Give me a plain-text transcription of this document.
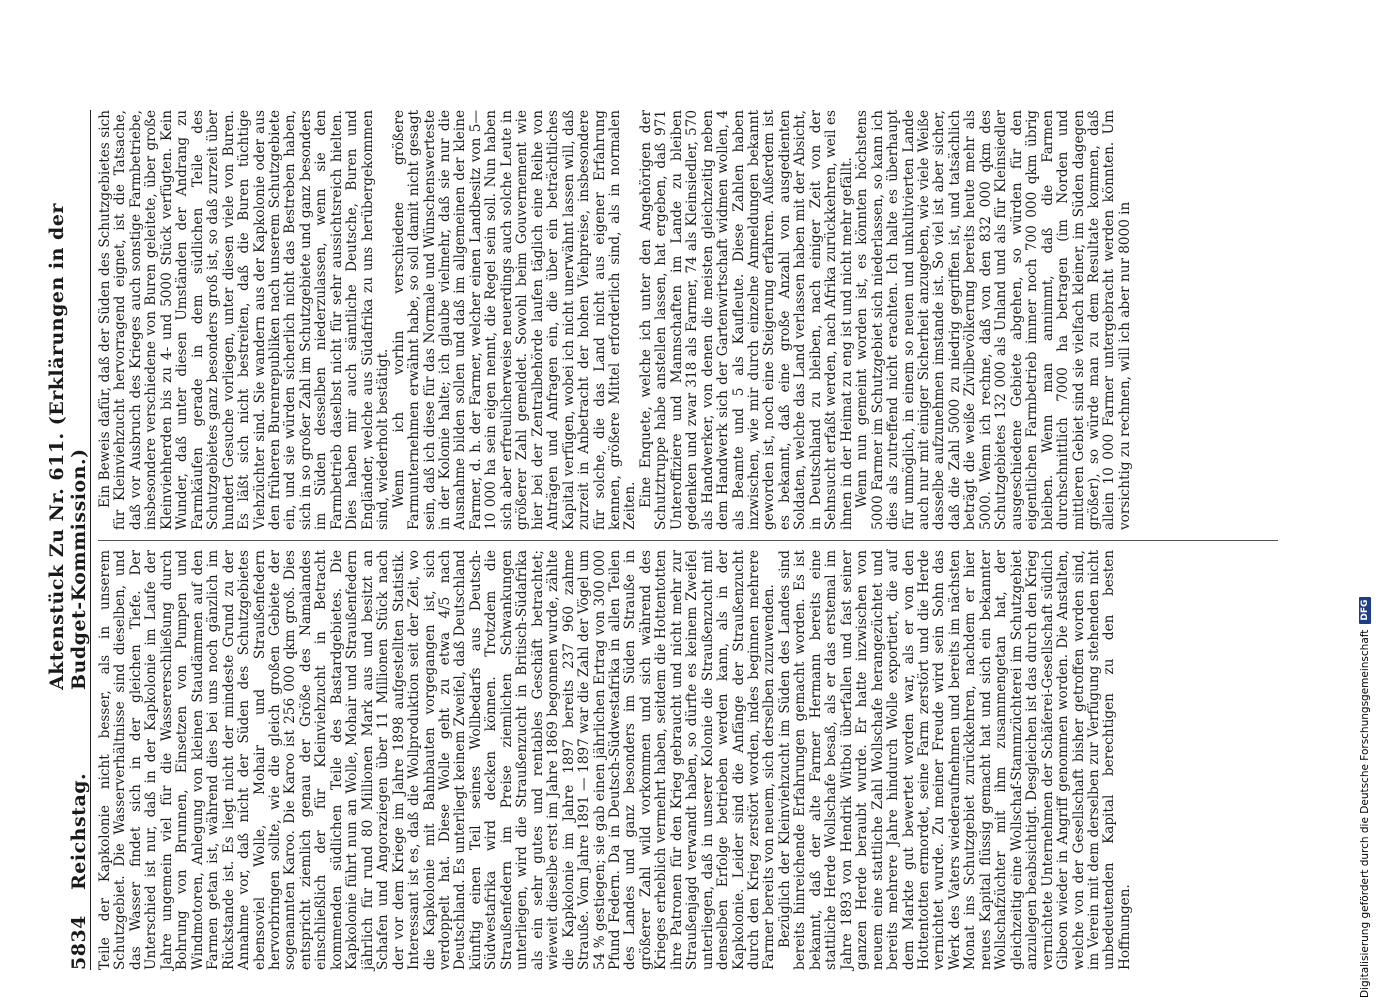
5834
Reichstag.
Aktenstück Zu Nr. 611. (Erklärungen in der Budget-Kommission.) Teile der Kapkolonie nicht besser, als in unserem Schutzgebiet. Die Wasserverhältnisse sind dieselben, und das Wasser findet sich in der gleichen Tiefe. Der Unterschied ist nur, daß in der Kapkolonie im Laufe der Jahre ungemein viel für die Wassererschließung durch Bohrung von Brunnen, Einsetzen von Pumpen und Windmotoren, Anlegung von kleinen Staudämmen auf den Farmen getan ist, während dies bei uns noch gänzlich im Rückstande ist. Es liegt nicht der mindeste Grund zu der Annahme vor, daß nicht der Süden des Schutzgebietes ebensoviel Wolle, Mohair und Straußenfedern hervorbringen sollte, wie die gleich großen Gebiete der sogenannten Karoo. Die Karoo ist 256 000 qkm groß. Dies entspricht ziemlich genau der Größe des Namalandes einschließlich der für Kleinviehzucht in Betracht kommenden südlichen Teile des Bastardgebietes. Die Kapkolonie führt nun an Wolle, Mohair und Straußenfedern jährlich für rund 80 Millionen Mark aus und besitzt an Schafen und Angoraziegen über 11 Millionen Stück nach der vor dem Kriege im Jahre 1898 aufgestellten Statistik. Interessant ist es, daß die Wollproduktion seit der Zeit, wo die Kapkolonie mit Bahnbauten vorgegangen ist, sich verdoppelt hat. Diese Wolle geht zu etwa 4/5 nach Deutschland. Es unterliegt keinem Zweifel, daß Deutschland künftig einen Teil seines Wollbedarfs aus Deutsch-Südwestafrika wird decken können. Trotzdem die Straußenfedern im Preise ziemlichen Schwankungen unterliegen, wird die Straußenzucht in Britisch-Südafrika als ein sehr gutes und rentables Geschäft betrachtet; wieweit dieselbe erst im Jahre 1869 begonnen wurde, zählte die Kapkolonie im Jahre 1897 bereits 237 960 zahme Strauße. Vom Jahre 1891 — 1897 war die Zahl der Vögel um 54 % gestiegen; sie gab einen jährlichen Ertrag von 300 000 Pfund Federn. Da in Deutsch-Südwestafrika in allen Teilen des Landes und ganz besonders im Süden Strauße in größerer Zahl wild vorkommen und sich während des Krieges erheblich vermehrt haben, seitdem die Hottentotten ihre Patronen für den Krieg gebraucht und nicht mehr zur Straußenjagd verwandt haben, so dürfte es keinem Zweifel unterliegen, daß in unserer Kolonie die Straußenzucht mit denselben Erfolge betrieben werden kann, als in der Kapkolonie. Leider sind die Anfänge der Straußenzucht durch den Krieg zerstört worden, indes beginnen mehrere Farmer bereits von neuem, sich derselben zuzuwenden. Bezüglich der Kleinviehzucht im Süden des Landes sind bereits hinreichende Erfahrungen gemacht worden. Es ist bekannt, daß der alte Farmer Hermann bereits eine stattliche Herde Wollschafe besaß, als er das erstemal im Jahre 1893 von Hendrik Witboi überfallen und fast seiner ganzen Herde beraubt wurde. Er hatte inzwischen von neuem eine stattliche Zahl Wollschafe herangezüchtet und bereits mehrere Jahre hindurch Wolle exportiert, die auf dem Markte gut bewertet worden war, als er von den Hottentotten ermordet, seine Farm zerstört und die Herde vernichtet wurde. Zu meiner Freude wird sein Sohn das Werk des Vaters wiederaufnehmen und bereits im nächsten Monat ins Schutzgebiet zurückkehren, nachdem er hier neues Kapital flüssig gemacht hat und sich ein bekannter Wollschafzüchter mit ihm zusammengetan hat, der gleichzeitig eine Wollschaf-Stammzüchterei im Schutzgebiet anzulegen beabsichtigt. Desgleichen ist das durch den Krieg vernichtete Unternehmen der Schäferei-Gesellschaft südlich Gibeon wieder in Angriff genommen worden. Die Anstalten, welche von der Gesellschaft bisher getroffen worden sind, im Verein mit dem derselben zur Verfügung stehenden nicht unbedeutenden Kapital berechtigen zu den besten Hoffnungen.

Ein Beweis dafür, daß der Süden des Schutzgebietes sich für Kleinviehzucht hervorragend eignet, ist die Tatsache, daß vor Ausbruch des Krieges auch sonstige Farmbetriebe, insbesondere verschiedene von Buren geleitete, über große Kleinviehherden bis zu 4- und 5000 Stück verfügten. Kein Wunder, daß unter diesen Umständen der Andrang zu Farmkäufen gerade in dem südlichen Teile des Schutzgebietes ganz besonders groß ist, so daß zurzeit über hundert Gesuche vorliegen, unter diesen viele von Buren. Es läßt sich nicht bestreiten, daß die Buren tüchtige Viehzüchter sind. Sie wandern aus der Kapkolonie oder aus den früheren Burenrepubliken nach unserem Schutzgebiete ein, und sie würden sicherlich nicht das Bestreben haben, sich in so großer Zahl im Schutzgebiete und ganz besonders im Süden desselben niederzulassen, wenn sie den Farmbetrieb daselbst nicht für sehr aussichtsreich hielten. Dies haben mir auch sämtliche Deutsche, Buren und Engländer, welche aus Südafrika zu uns herübergekommen sind, wiederholt bestätigt. Wenn ich vorhin verschiedene größere Farmunternehmen erwähnt habe, so soll damit nicht gesagt sein, daß ich diese für das Normale und Wünschenswerteste in der Kolonie halte; ich glaube vielmehr, daß sie nur die Ausnahme bilden sollen und daß im allgemeinen der kleine Farmer, d. h. der Farmer, welcher einen Landbesitz von 5—10 000 ha sein eigen nennt, die Regel sein soll. Nun haben sich aber erfreulicherweise neuerdings auch solche Leute in größerer Zahl gemeldet. Sowohl beim Gouvernement wie hier bei der Zentralbehörde laufen täglich eine Reihe von Anträgen und Anfragen ein, die über ein beträchtliches Kapital verfügen, wobei ich nicht unerwähnt lassen will, daß zurzeit in Anbetracht der hohen Viehpreise, insbesondere für solche, die das Land nicht aus eigener Erfahrung kennen, größere Mittel erforderlich sind, als in normalen Zeiten. Eine Enquete, welche ich unter den Angehörigen der Schutztruppe habe anstellen lassen, hat ergeben, daß 971 Unteroffiziere und Mannschaften im Lande zu bleiben gedenken und zwar 318 als Farmer, 74 als Kleinsiedler, 570 als Handwerker, von denen die meisten gleichzeitig neben dem Handwerk sich der Gartenwirtschaft widmen wollen, 4 als Beamte und 5 als Kaufleute. Diese Zahlen haben inzwischen, wie mir durch einzelne Anmeldungen bekannt geworden ist, noch eine Steigerung erfahren. Außerdem ist es bekannt, daß eine große Anzahl von ausgedienten Soldaten, welche das Land verlassen haben mit der Absicht, in Deutschland zu bleiben, nach einiger Zeit von der Sehnsucht erfaßt werden, nach Afrika zurückkehren, weil es ihnen in der Heimat zu eng ist und nicht mehr gefällt. Wenn nun gemeint worden ist, es könnten höchstens 5000 Farmer im Schutzgebiet sich niederlassen, so kann ich dies als zutreffend nicht erachten. Ich halte es überhaupt für unmöglich, in einem so neuen und unkultivierten Lande auch nur mit einiger Sicherheit anzugeben, wie viele Weiße dasselbe aufzunehmen imstande ist. So viel ist aber sicher, daß die Zahl 5000 zu niedrig gegriffen ist, und tatsächlich beträgt die weiße Zivilbevölkerung bereits heute mehr als 5000. Wenn ich rechne, daß von den 832 000 qkm des Schutzgebietes 132 000 als Unland und als für Kleinsiedler ausgeschiedene Gebiete abgehen, so würden für den eigentlichen Farmbetrieb immer noch 700 000 qkm übrig bleiben. Wenn man annimmt, daß die Farmen durchschnittlich 7000 ha betragen (im Norden und mittleren Gebiet sind sie vielfach kleiner, im Süden dagegen größer), so würde man zu dem Resultate kommen, daß allein 10 000 Farmer untergebracht werden könnten. Um vorsichtig zu rechnen, will ich aber nur 8000 in

Digitalisierung gefördert durch die Deutsche Forschungsgemeinschaft
DFG
